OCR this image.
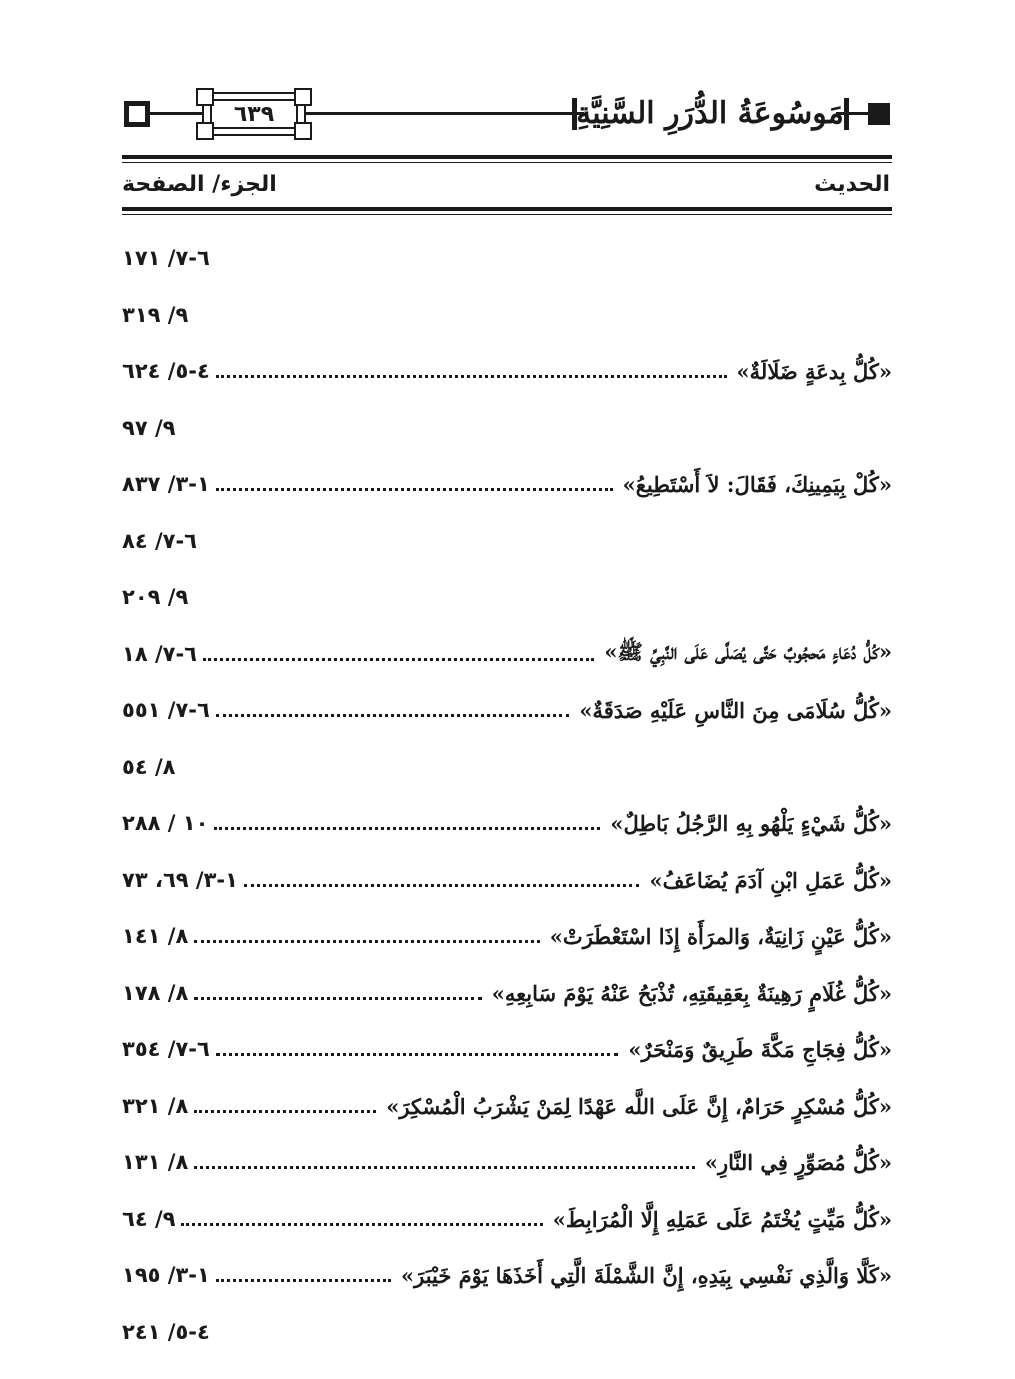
٦٣٩	مَوسُوعَةُ الدُّرَرِ السَّنِيَّةِ
الحديث
الجزء/ الصفحة
٦-٧/ ١٧١
٩/ ٣١٩
«كُلُّ بِدعَةٍ ضَلَالَةٌ»
٤-٥/ ٦٢٤
٩/ ٩٧
«كُلْ بِيَمِينِكَ، فَقَالَ: لاَ أَسْتَطِيعُ»
١-٣/ ٨٣٧
٦-٧/ ٨٤
٩/ ٢٠٩
«كُلُّ دُعَاءٍ مَحجُوبٌ حَتَّى يُصَلَّى عَلَى النَّبِيِّ ﷺ»
٦-٧/ ١٨
«كُلُّ سُلَامَى مِنَ النَّاسِ عَلَيْهِ صَدَقَةٌ»
٦-٧/ ٥٥١
٨/ ٥٤
«كُلُّ شَيْءٍ يَلْهُو بِهِ الرَّجُلُ بَاطِلٌ»
١٠ / ٢٨٨
«كُلُّ عَمَلِ ابْنِ آدَمَ يُضَاعَفُ»
١-٣/ ٦٩، ٧٣
«كُلُّ عَيْنٍ زَانِيَةٌ، وَالمرَأَة إِذَا اسْتَعْطَرَتْ»
٨/ ١٤١
«كُلُّ غُلَامٍ رَهِينَةٌ بِعَقِيقَتِهِ، تُذْبَحُ عَنْهُ يَوْمَ سَابِعِهِ»
٨/ ١٧٨
«كُلُّ فِجَاجِ مَكَّةَ طَرِيقٌ وَمَنْحَرٌ»
٦-٧/ ٣٥٤
«كُلُّ مُسْكِرٍ حَرَامٌ، إِنَّ عَلَى اللَّه عَهْدًا لِمَنْ يَشْرَبُ الْمُسْكِرَ»
٨/ ٣٢١
«كُلُّ مُصَوِّرٍ فِي النَّارِ»
٨/ ١٣١
«كُلُّ مَيِّتٍ يُخْتَمُ عَلَى عَمَلِهِ إِلَّا الْمُرَابِطَ»
٩/ ٦٤
«كَلَّا وَالَّذِي نَفْسِي بِيَدِهِ، إِنَّ الشَّمْلَةَ الَّتِي أَخَذَهَا يَوْمَ خَيْبَرَ»
١-٣/ ١٩٥
٤-٥/ ٢٤١
